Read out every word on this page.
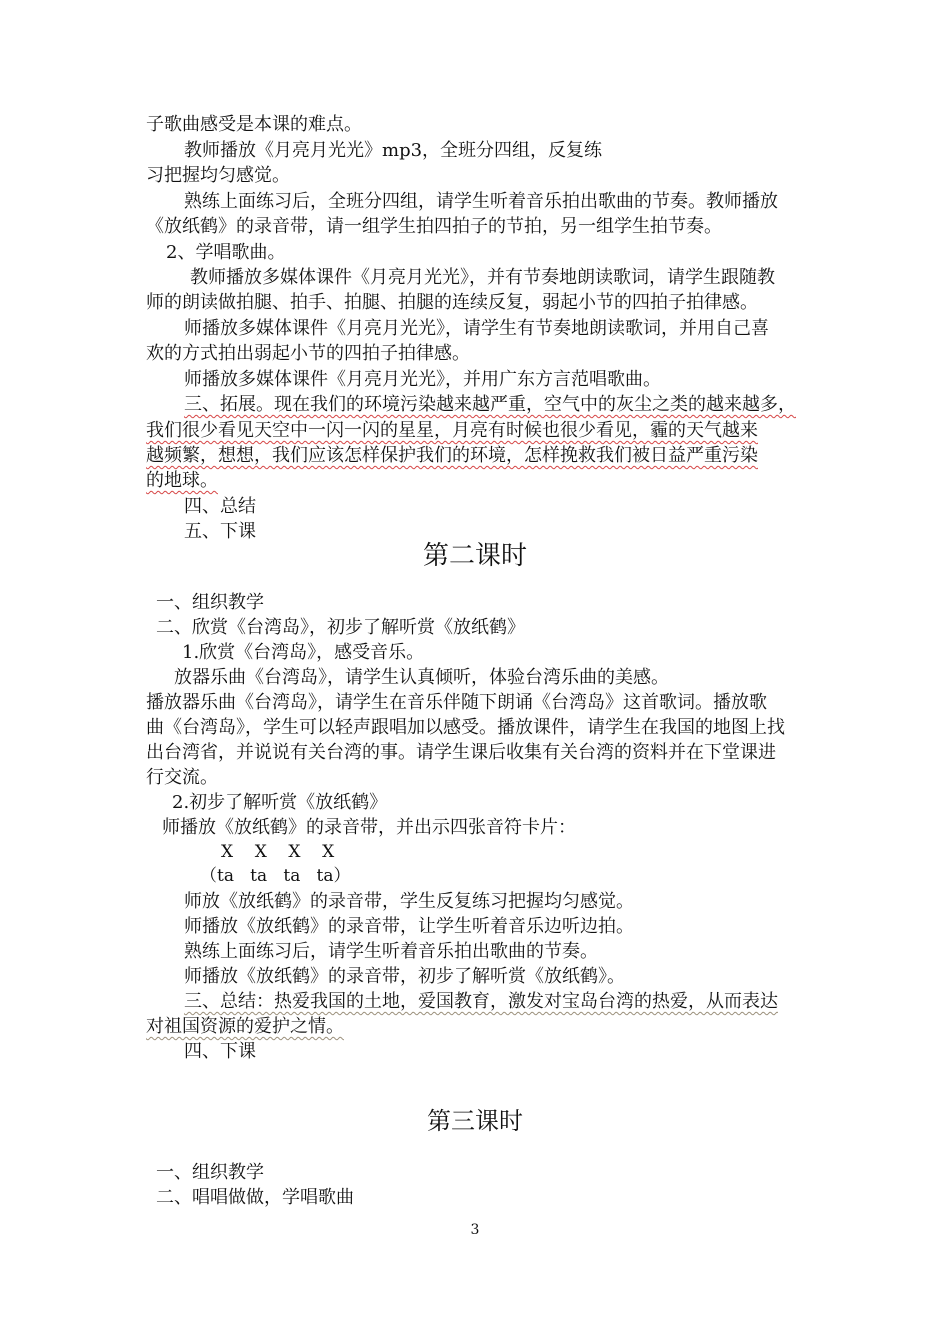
子歌曲感受是本课的难点。
教师播放《月亮月光光》mp3，全班分四组，反复练
习把握均匀感觉。
熟练上面练习后，全班分四组，请学生听着音乐拍出歌曲的节奏。教师播放
《放纸鹤》的录音带，请一组学生拍四拍子的节拍，另一组学生拍节奏。
2、学唱歌曲。
教师播放多媒体课件《月亮月光光》，并有节奏地朗读歌词，请学生跟随教
师的朗读做拍腿、拍手、拍腿、拍腿的连续反复，弱起小节的四拍子拍律感。
师播放多媒体课件《月亮月光光》，请学生有节奏地朗读歌词，并用自己喜
欢的方式拍出弱起小节的四拍子拍律感。
师播放多媒体课件《月亮月光光》，并用广东方言范唱歌曲。
三、拓展。现在我们的环境污染越来越严重，空气中的灰尘之类的越来越多，
我们很少看见天空中一闪一闪的星星，月亮有时候也很少看见，霾的天气越来
越频繁，想想，我们应该怎样保护我们的环境，怎样挽救我们被日益严重污染
的地球。
四、总结
五、下课
第二课时
一、组织教学
二、欣赏《台湾岛》，初步了解听赏《放纸鹤》
1.欣赏《台湾岛》，感受音乐。
放器乐曲《台湾岛》，请学生认真倾听，体验台湾乐曲的美感。
播放器乐曲《台湾岛》，请学生在音乐伴随下朗诵《台湾岛》这首歌词。播放歌
曲《台湾岛》，学生可以轻声跟唱加以感受。播放课件，请学生在我国的地图上找
出台湾省，并说说有关台湾的事。请学生课后收集有关台湾的资料并在下堂课进
行交流。
2.初步了解听赏《放纸鹤》
师播放《放纸鹤》的录音带，并出示四张音符卡片：
X    X    X    X
（ta   ta   ta   ta）
师放《放纸鹤》的录音带，学生反复练习把握均匀感觉。
师播放《放纸鹤》的录音带，让学生听着音乐边听边拍。
熟练上面练习后，请学生听着音乐拍出歌曲的节奏。
师播放《放纸鹤》的录音带，初步了解听赏《放纸鹤》。
三、总结：热爱我国的土地，爱国教育，激发对宝岛台湾的热爱，从而表达
对祖国资源的爱护之情。
四、下课
第三课时
一、组织教学
二、唱唱做做，学唱歌曲
3
